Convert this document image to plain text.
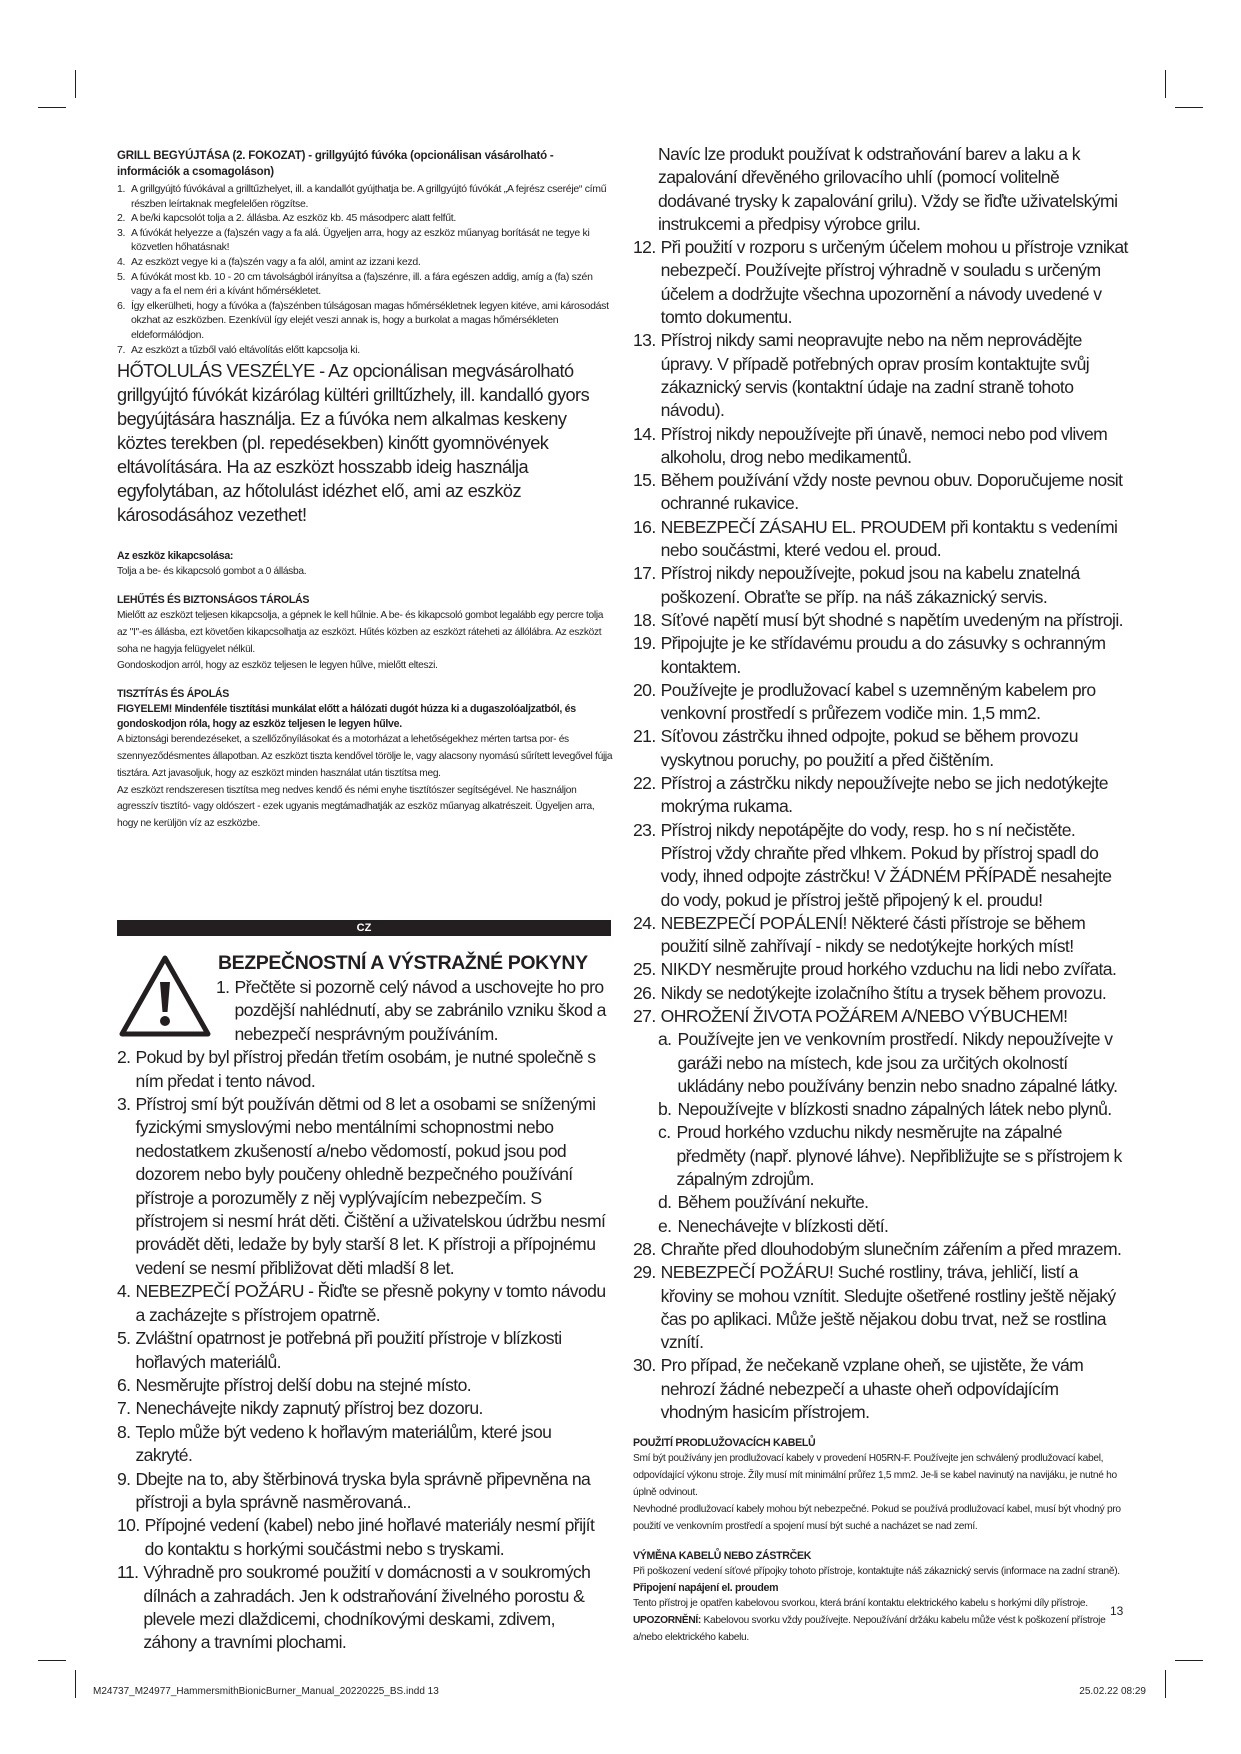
GRILL BEGYÚJTÁSA (2. FOKOZAT) - grillgyújtó fúvóka (opcionálisan vásárolható - információk a csomagoláson)
1. A grillgyújtó fúvókával a grilltűzhelyet, ill. a kandallót gyújthatja be. A grillgyújtó fúvókát „A fejrész cseréje“ című részben leírtaknak megfelelően rögzítse.
2. A be/ki kapcsolót tolja a 2. állásba. Az eszköz kb. 45 másodperc alatt felfűt.
3. A fúvókát helyezze a (fa)szén vagy a fa alá. Ügyeljen arra, hogy az eszköz műanyag borítását ne tegye ki közvetlen hőhatásnak!
4. Az eszközt vegye ki a (fa)szén vagy a fa alól, amint az izzani kezd.
5. A fúvókát most kb. 10 - 20 cm távolságból irányítsa a (fa)szénre, ill. a fára egészen addig, amíg a (fa) szén vagy a fa el nem éri a kívánt hőmérsékletet.
6. Így elkerülheti, hogy a fúvóka a (fa)szénben túlságosan magas hőmérsékletnek legyen kitéve, ami károsodást okzhat az eszközben. Ezenkívül így elejét veszi annak is, hogy a burkolat a magas hőmérsékleten eldeformálódjon.
7. Az eszközt a tűzből való eltávolítás előtt kapcsolja ki.
HŐTOLULÁS VESZÉLYE - Az opcionálisan megvásárolható grillgyújtó fúvókát kizárólag kültéri grilltűzhely, ill. kandalló gyors begyújtására használja. Ez a fúvóka nem alkalmas keskeny köztes terekben (pl. repedésekben) kinőtt gyomnövények eltávolítására. Ha az eszközt hosszabb ideig használja egyfolytában, az hőtolulást idézhet elő, ami az eszköz károsodásához vezethet!
Az eszköz kikapcsolása:
Tolja a be- és kikapcsoló gombot a 0 állásba.
LEHŰTÉS ÉS BIZTONSÁGOS TÁROLÁS
Mielőtt az eszközt teljesen kikapcsolja, a gépnek le kell hűlnie. A be- és kikapcsoló gombot legalább egy percre tolja az "I"-es állásba, ezt követően kikapcsolhatja az eszközt. Hűtés közben az eszközt ráteheti az állólábra. Az eszközt soha ne hagyja felügyelet nélkül.
Gondoskodjon arról, hogy az eszköz teljesen le legyen hűlve, mielőtt elteszi.
TISZTÍTÁS ÉS ÁPOLÁS
FIGYELEM! Mindenféle tisztítási munkálat előtt a hálózati dugót húzza ki a dugaszolóaljzatból, és gondoskodjon róla, hogy az eszköz teljesen le legyen hűlve.
A biztonsági berendezéseket, a szellőzőnyílásokat és a motorházat a lehetőségekhez mérten tartsa por- és szennyeződésmentes állapotban. Az eszközt tiszta kendővel törölje le, vagy alacsony nyomású sűrített levegővel fújja tisztára. Azt javasoljuk, hogy az eszközt minden használat után tisztítsa meg.
Az eszközt rendszeresen tisztítsa meg nedves kendő és némi enyhe tisztítószer segítségével. Ne használjon agresszív tisztító- vagy oldószert - ezek ugyanis megtámadhatják az eszköz műanyag alkatrészeit. Ügyeljen arra, hogy ne kerüljön víz az eszközbe.
CZ
BEZPEČNOSTNÍ A VÝSTRAŽNÉ POKYNY
1. Přečtěte si pozorně celý návod a uschovejte ho pro pozdější nahlédnutí, aby se zabránilo vzniku škod a nebezpečí nesprávným používáním.
2. Pokud by byl přístroj předán třetím osobám, je nutné společně s ním předat i tento návod.
3. Přístroj smí být používán dětmi od 8 let a osobami se sníženými fyzickými smyslovými nebo mentálními schopnostmi nebo nedostatkem zkušeností a/nebo vědomostí, pokud jsou pod dozorem nebo byly poučeny ohledně bezpečného používání přístroje a porozuměly z něj vyplývajícím nebezpečím. S přístrojem si nesmí hrát děti. Čištění a uživatelskou údržbu nesmí provádět děti, ledaže by byly starší 8 let. K přístroji a přípojnému vedení se nesmí přibližovat děti mladší 8 let.
4. NEBEZPEČÍ POŽÁRU - Řiďte se přesně pokyny v tomto návodu a zacházejte s přístrojem opatrně.
5. Zvláštní opatrnost je potřebná při použití přístroje v blízkosti hořlavých materiálů.
6. Nesměrujte přístroj delší dobu na stejné místo.
7. Nenechávejte nikdy zapnutý přístroj bez dozoru.
8. Teplo může být vedeno k hořlavým materiálům, které jsou zakryté.
9. Dbejte na to, aby štěrbinová tryska byla správně připevněna na přístroji a byla správně nasměrovaná..
10. Přípojné vedení (kabel) nebo jiné hořlavé materiály nesmí přijít do kontaktu s horkými součástmi nebo s tryskami.
11. Výhradně pro soukromé použití v domácnosti a v soukromých dílnách a zahradách. Jen k odstraňování živelného porostu & plevele mezi dlaždicemi, chodníkovými deskami, zdivem, záhony a travními plochami.
Navíc lze produkt používat k odstraňování barev a laku a k zapalování dřevěného grilovacího uhlí (pomocí volitelně dodávané trysky k zapalování grilu). Vždy se řiďte uživatelskými instrukcemi a předpisy výrobce grilu.
12. Při použití v rozporu s určeným účelem mohou u přístroje vznikat nebezpečí. Používejte přístroj výhradně v souladu s určeným účelem a dodržujte všechna upozornění a návody uvedené v tomto dokumentu.
13. Přístroj nikdy sami neopravujte nebo na něm neprovádějte úpravy. V případě potřebných oprav prosím kontaktujte svůj zákaznický servis (kontaktní údaje na zadní straně tohoto návodu).
14. Přístroj nikdy nepoužívejte při únavě, nemoci nebo pod vlivem alkoholu, drog nebo medikamentů.
15. Během používání vždy noste pevnou obuv. Doporučujeme nosit ochranné rukavice.
16. NEBEZPEČÍ ZÁSAHU EL. PROUDEM při kontaktu s vedeními nebo součástmi, které vedou el. proud.
17. Přístroj nikdy nepoužívejte, pokud jsou na kabelu znatelná poškození. Obraťte se příp. na náš zákaznický servis.
18. Síťové napětí musí být shodné s napětím uvedeným na přístroji.
19. Připojujte je ke střídavému proudu a do zásuvky s ochranným kontaktem.
20. Používejte je prodlužovací kabel s uzemněným kabelem pro venkovní prostředí s průřezem vodiče min. 1,5 mm2.
21. Síťovou zástrčku ihned odpojte, pokud se během provozu vyskytnou poruchy, po použití a před čištěním.
22. Přístroj a zástrčku nikdy nepoužívejte nebo se jich nedotýkejte mokrýma rukama.
23. Přístroj nikdy nepotápějte do vody, resp. ho s ní nečistěte. Přístroj vždy chraňte před vlhkem. Pokud by přístroj spadl do vody, ihned odpojte zástrčku! V ŽÁDNÉM PŘÍPADĚ nesahejte do vody, pokud je přístroj ještě připojený k el. proudu!
24. NEBEZPEČÍ POPÁLENÍ! Některé části přístroje se během použití silně zahřívají - nikdy se nedotýkejte horkých míst!
25. NIKDY nesměrujte proud horkého vzduchu na lidi nebo zvířata.
26. Nikdy se nedotýkejte izolačního štítu a trysek během provozu.
27. OHROŽENÍ ŽIVOTA POŽÁREM A/NEBO VÝBUCHEM!
a. Používejte jen ve venkovním prostředí. Nikdy nepoužívejte v garáži nebo na místech, kde jsou za určitých okolností ukládány nebo používány benzin nebo snadno zápalné látky.
b. Nepoužívejte v blízkosti snadno zápalných látek nebo plynů.
c. Proud horkého vzduchu nikdy nesměrujte na zápalné předměty (např. plynové láhve). Nepřibližujte se s přístrojem k zápalným zdrojům.
d. Během používání nekuřte.
e. Nenechávejte v blízkosti dětí.
28. Chraňte před dlouhodobým slunečním zářením a před mrazem.
29. NEBEZPEČÍ POŽÁRU! Suché rostliny, tráva, jehličí, listí a křoviny se mohou vznítit. Sledujte ošetřené rostliny ještě nějaký čas po aplikaci. Může ještě nějakou dobu trvat, než se rostlina vznítí.
30. Pro případ, že nečekaně vzplane oheň, se ujistěte, že vám nehrozí žádné nebezpečí a uhaste oheň odpovídajícím vhodným hasicím přístrojem.
POUŽITÍ PRODLUŽOVACÍCH KABELŮ
Smí být používány jen prodlužovací kabely v provedení H05RN-F. Používejte jen schválený prodlužovací kabel, odpovídající výkonu stroje. Žíly musí mít minimální průřez 1,5 mm2. Je-li se kabel navinutý na navijáku, je nutné ho úplně odvinout.
Nevhodné prodlužovací kabely mohou být nebezpečné. Pokud se používá prodlužovací kabel, musí být vhodný pro použití ve venkovním prostředí a spojení musí být suché a nacházet se nad zemí.
VÝMĚNA KABELŮ NEBO ZÁSTRČEK
Při poškození vedení síťové přípojky tohoto přístroje, kontaktujte náš zákaznický servis (informace na zadní straně).
Připojení napájení el. proudem
Tento přístroj je opatřen kabelovou svorkou, která brání kontaktu elektrického kabelu s horkými díly přístroje.
UPOZORNĚNÍ: Kabelovou svorku vždy používejte. Nepoužívání držáku kabelu může vést k poškození přístroje a/nebo elektrického kabelu.
13
M24737_M24977_HammersmithBionicBurner_Manual_20220225_BS.indd 13	25.02.22 08:29
